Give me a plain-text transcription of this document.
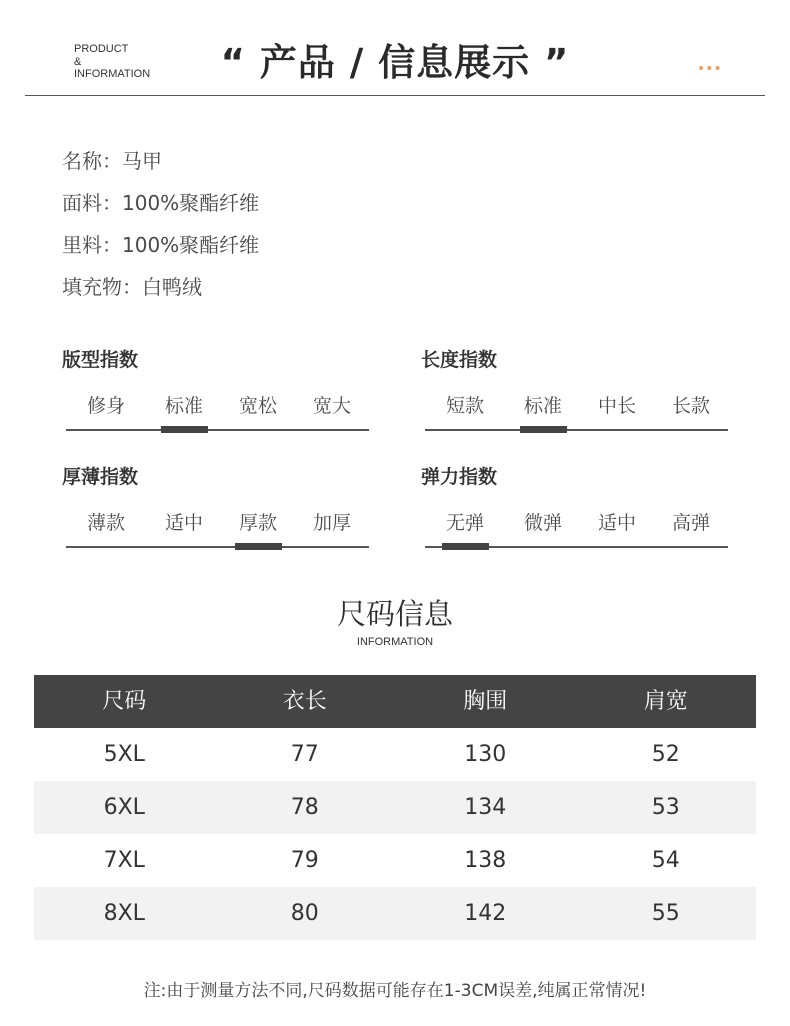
PRODUCT
&
INFORMATION	“ 产品 / 信息展示 ”	•••
名称：马甲
面料：100%聚酯纤维
里料：100%聚酯纤维
填充物：白鸭绒
版型指数
修身	标准	宽松	宽大
长度指数
短款	标准	中长	长款
厚薄指数
薄款	适中	厚款	加厚
弹力指数
无弹	微弹	适中	高弹
尺码信息
INFORMATION
尺码	衣长	胸围	肩宽
5XL	77	130	52
6XL	78	134	53
7XL	79	138	54
8XL	80	142	55
注:由于测量方法不同,尺码数据可能存在1-3CM误差,纯属正常情况!
